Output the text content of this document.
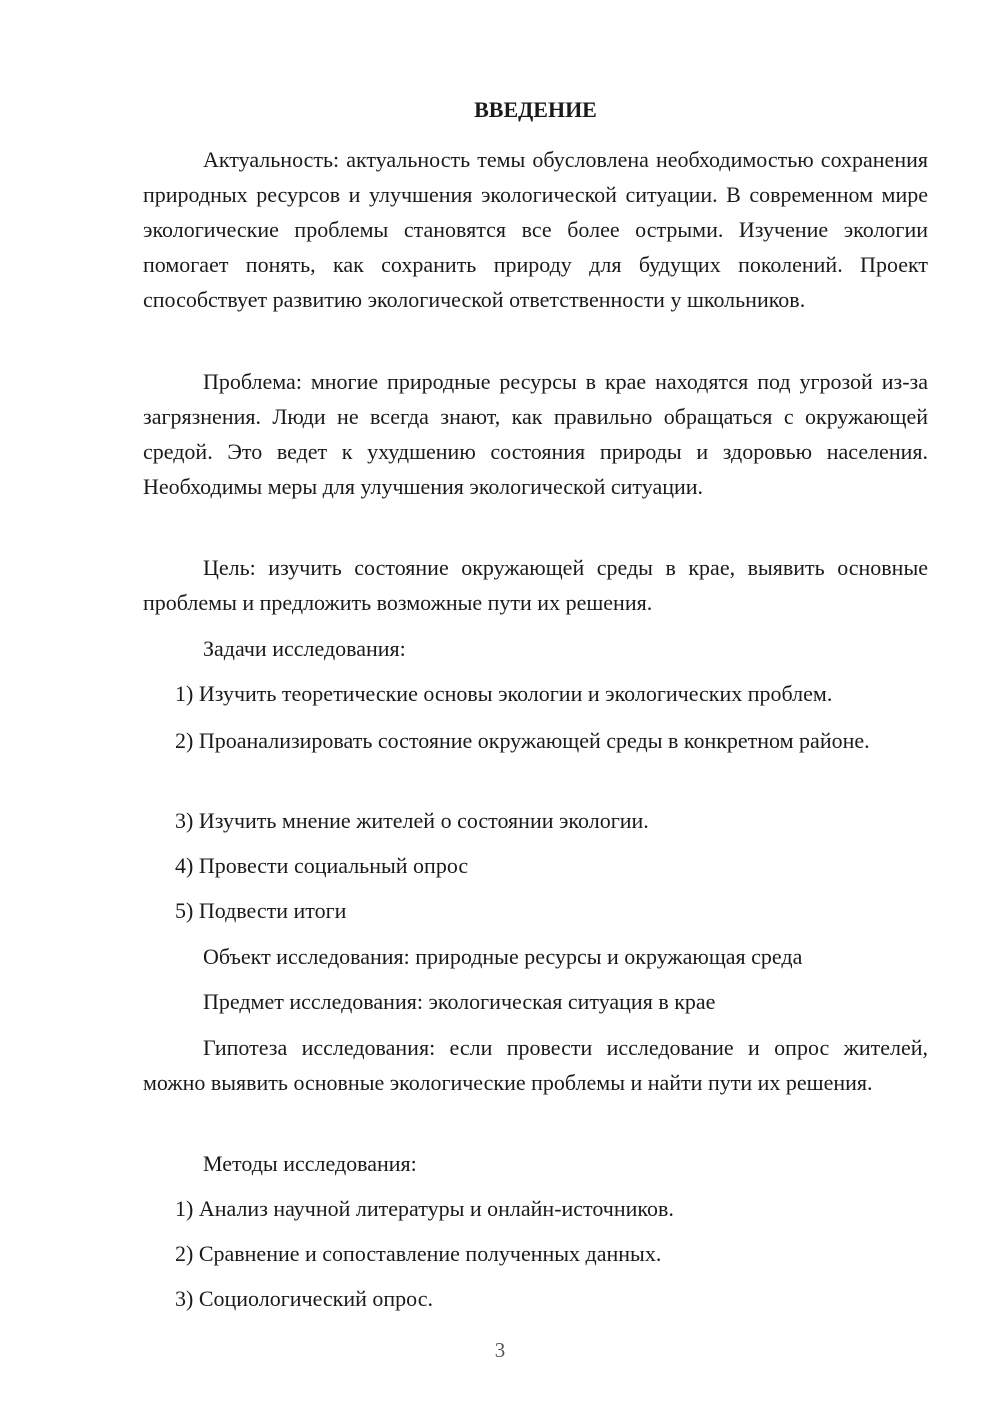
ВВЕДЕНИЕ

Актуальность: актуальность темы обусловлена необходимостью сохранения природных ресурсов и улучшения экологической ситуации. В современном мире экологические проблемы становятся все более острыми. Изучение экологии помогает понять, как сохранить природу для будущих поколений. Проект способствует развитию экологической ответственности у школьников.

Проблема: многие природные ресурсы в крае находятся под угрозой из-за загрязнения. Люди не всегда знают, как правильно обращаться с окружающей средой. Это ведет к ухудшению состояния природы и здоровью населения. Необходимы меры для улучшения экологической ситуации.

Цель: изучить состояние окружающей среды в крае, выявить основные проблемы и предложить возможные пути их решения.

Задачи исследования:

1) Изучить теоретические основы экологии и экологических проблем.

2) Проанализировать состояние окружающей среды в конкретном районе.

3) Изучить мнение жителей о состоянии экологии.

4) Провести социальный опрос

5) Подвести итоги

Объект исследования: природные ресурсы и окружающая среда

Предмет исследования: экологическая ситуация в крае

Гипотеза исследования: если провести исследование и опрос жителей, можно выявить основные экологические проблемы и найти пути их решения.

Методы исследования:

1) Анализ научной литературы и онлайн-источников.

2) Сравнение и сопоставление полученных данных.

3) Социологический опрос.

3
